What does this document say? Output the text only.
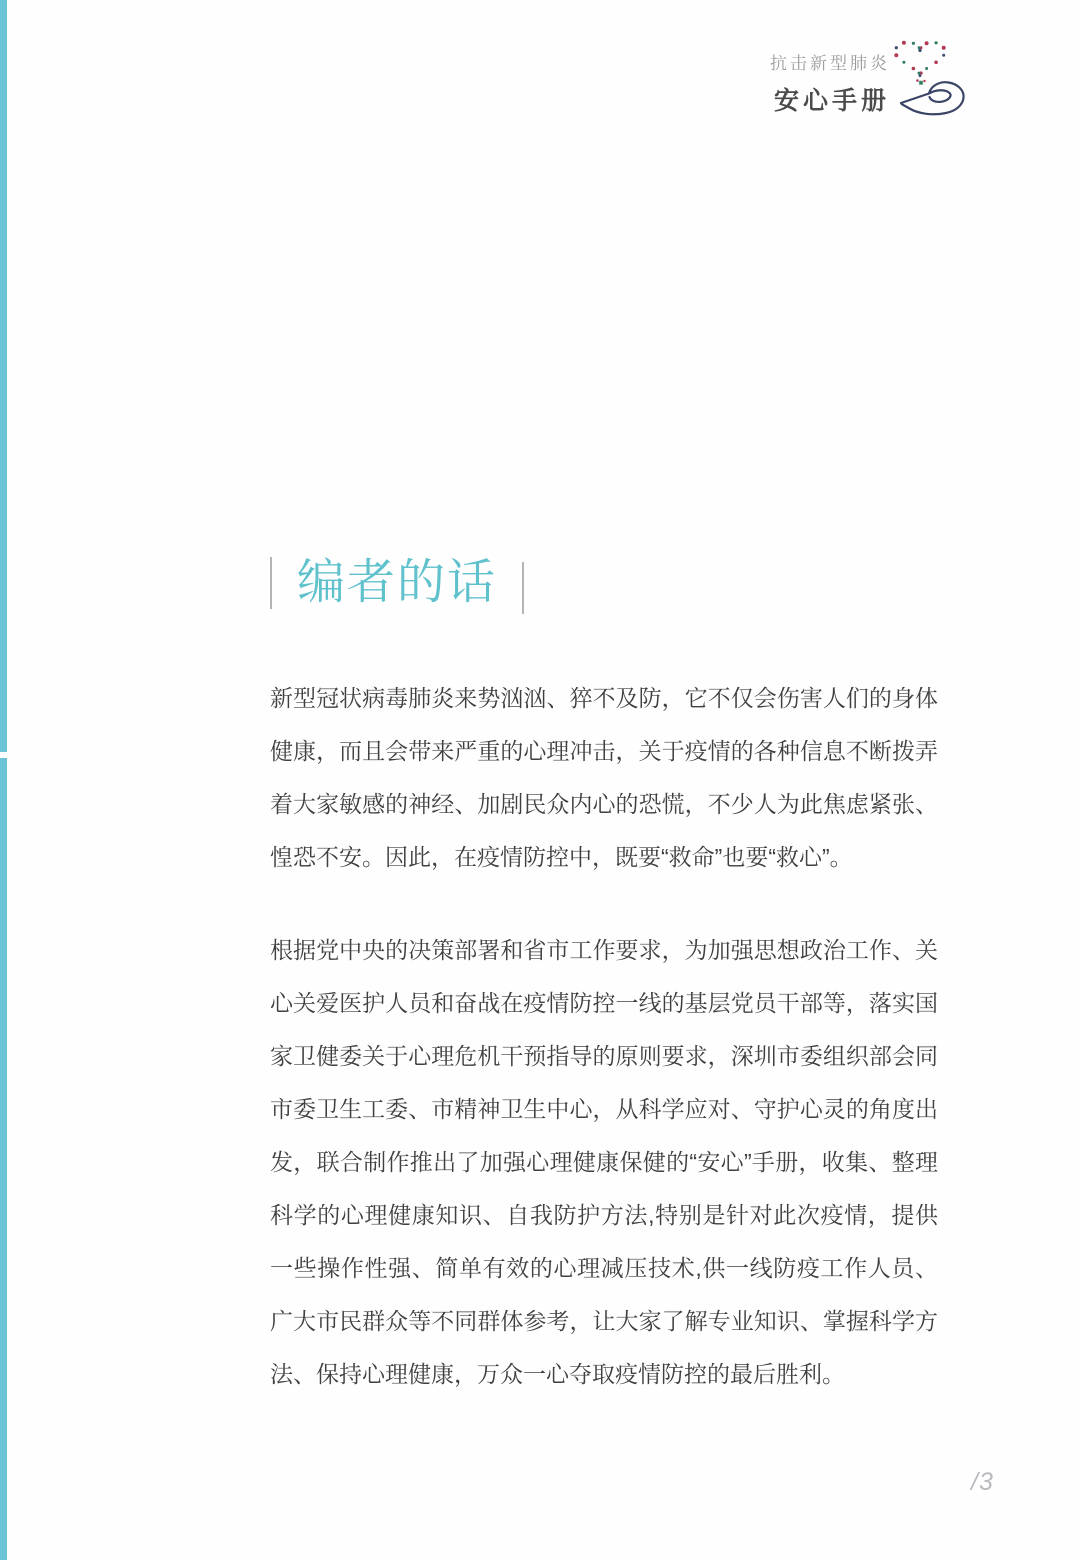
抗击新型肺炎
安心手册
编者的话

新型冠状病毒肺炎来势汹汹、猝不及防，它不仅会伤害人们的身体健康，而且会带来严重的心理冲击，关于疫情的各种信息不断拨弄着大家敏感的神经、加剧民众内心的恐慌，不少人为此焦虑紧张、惶恐不安。因此，在疫情防控中，既要“救命”也要“救心”。

根据党中央的决策部署和省市工作要求，为加强思想政治工作、关心关爱医护人员和奋战在疫情防控一线的基层党员干部等，落实国家卫健委关于心理危机干预指导的原则要求，深圳市委组织部会同市委卫生工委、市精神卫生中心，从科学应对、守护心灵的角度出发，联合制作推出了加强心理健康保健的“安心”手册，收集、整理科学的心理健康知识、自我防护方法,特别是针对此次疫情，提供一些操作性强、简单有效的心理减压技术,供一线防疫工作人员、广大市民群众等不同群体参考，让大家了解专业知识、掌握科学方法、保持心理健康，万众一心夺取疫情防控的最后胜利。

/3
